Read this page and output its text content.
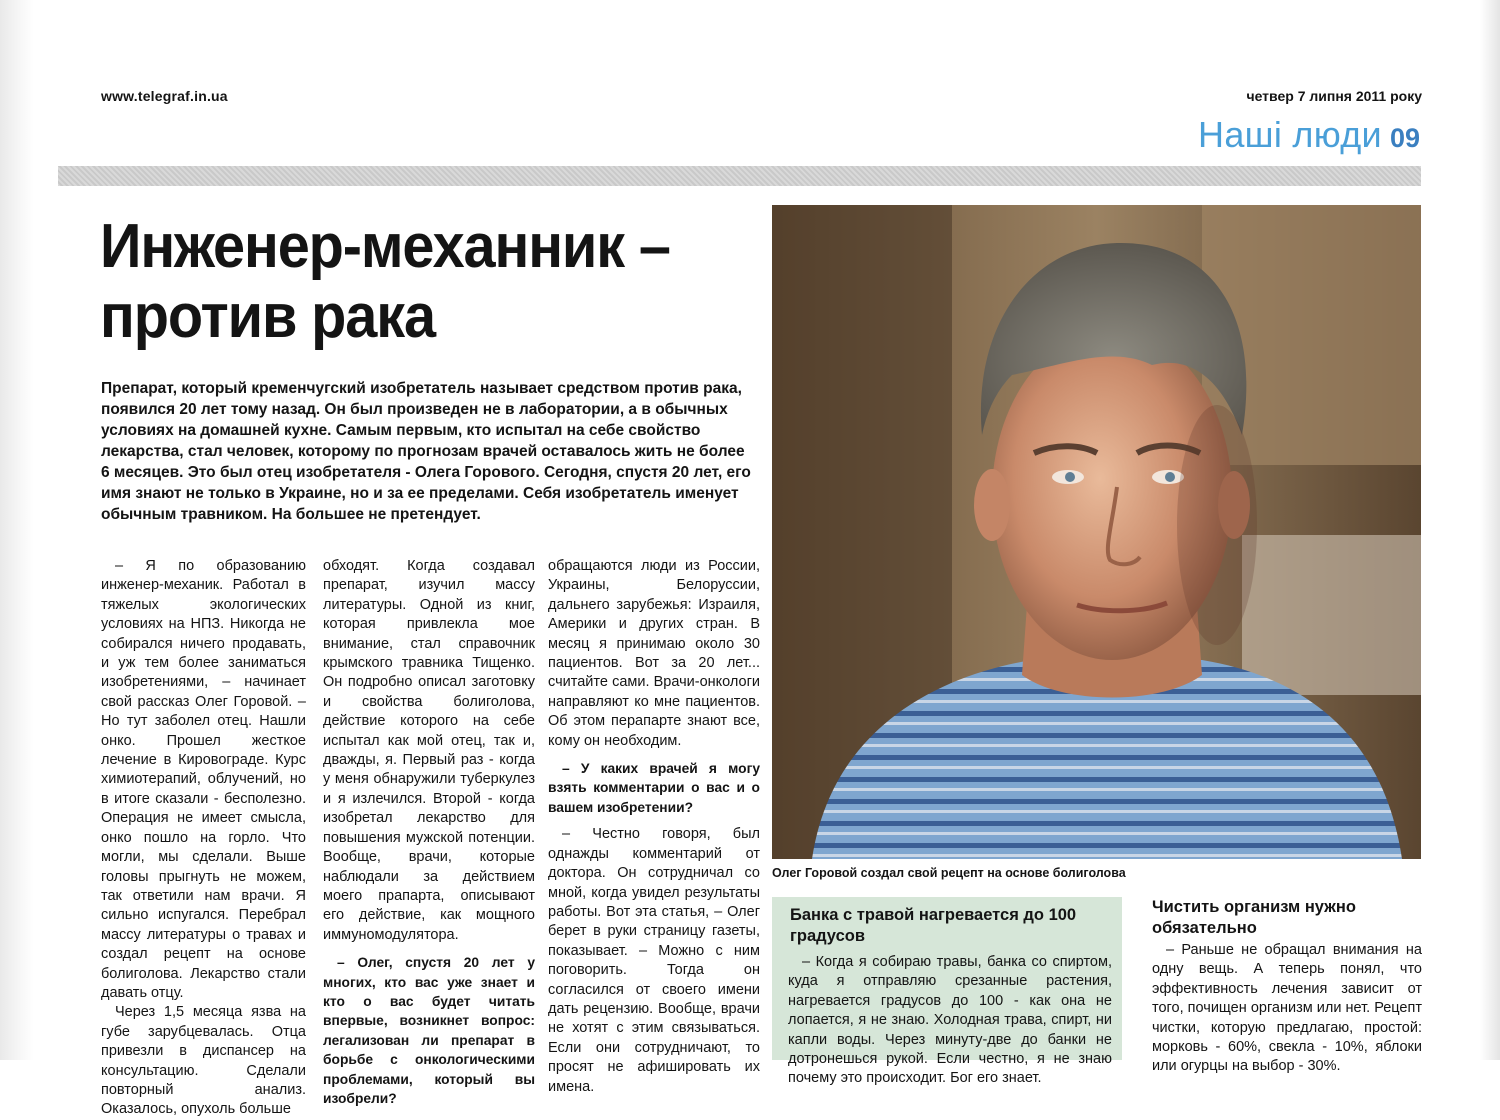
www.telegraf.in.ua	четвер 7 липня 2011 року
Наші люди 09
Инженер-механник – против рака

Препарат, который кременчугский изобретатель называет средством против рака, появился 20 лет тому назад. Он был произведен не в лаборатории, а в обычных условиях на домашней кухне. Самым первым, кто испытал на себе свойство лекарства, стал человек, которому по прогнозам врачей оставалось жить не более 6 месяцев. Это был отец изобретателя - Олега Горового. Сегодня, спустя 20 лет, его имя знают не только в Украине, но и за ее пределами. Себя изобретатель именует обычным травником. На большее не претендует.

Олег Горовой создал свой рецепт на основе болиголова

– Я по образованию инженер-механик. Работал в тяжелых экологических условиях на НПЗ. Никогда не собирался ничего продавать, и уж тем более заниматься изобретениями, – начинает свой рассказ Олег Горовой. – Но тут заболел отец. Нашли онко. Прошел жесткое лечение в Кировограде. Курс химиотерапий, облучений, но в итоге сказали - бесполезно. Операция не имеет смысла, онко пошло на горло. Что могли, мы сделали. Выше головы прыгнуть не можем, так ответили нам врачи. Я сильно испугался. Перебрал массу литературы о травах и создал рецепт на основе болиголова. Лекарство стали давать отцу.

Через 1,5 месяца язва на губе зарубцевалась. Отца привезли в диспансер на консультацию. Сделали повторный анализ. Оказалось, опухоль больше

обходят. Когда создавал препарат, изучил массу литературы. Одной из книг, которая привлекла мое внимание, стал справочник крымского травника Тищенко. Он подробно описал заготовку и свойства болиголова, действие которого на себе испытал как мой отец, так и, дважды, я. Первый раз - когда у меня обнаружили туберкулез и я излечился. Второй - когда изобретал лекарство для повышения мужской потенции. Вообще, врачи, которые наблюдали за действием моего прапарта, описывают его действие, как мощного иммуномодулятора.

– Олег, спустя 20 лет у многих, кто вас уже знает и кто о вас будет читать впервые, возникнет вопрос: легализован ли препарат в борьбе с онкологическими проблемами, который вы изобрели?

обращаются люди из России, Украины, Белоруссии, дальнего зарубежья: Израиля, Америки и других стран. В месяц я принимаю около 30 пациентов. Вот за 20 лет... считайте сами. Врачи-онкологи направляют ко мне пациентов. Об этом перапарте знают все, кому он необходим.

– У каких врачей я могу взять комментарии о вас и о вашем изобретении?

– Честно говоря, был однажды комментарий от доктора. Он сотрудничал со мной, когда увидел результаты работы. Вот эта статья, – Олег берет в руки страницу газеты, показывает. – Можно с ним поговорить. Тогда он согласился от своего имени дать рецензию. Вообще, врачи не хотят с этим связываться. Если они сотрудничают, то просят не афишировать их имена.

Банка с травой нагревается до 100 градусов

– Когда я собираю травы, банка со спиртом, куда я отправляю срезанные растения, нагревается градусов до 100 - как она не лопается, я не знаю. Холодная трава, спирт, ни капли воды. Через минуту-две до банки не дотронешься рукой. Если честно, я не знаю почему это происходит. Бог его знает.

Чистить организм нужно обязательно

– Раньше не обращал внимания на одну вещь. А теперь понял, что эффективность лечения зависит от того, почищен организм или нет. Рецепт чистки, которую предлагаю, простой: морковь - 60%, свекла - 10%, яблоки или огурцы на выбор - 30%.
